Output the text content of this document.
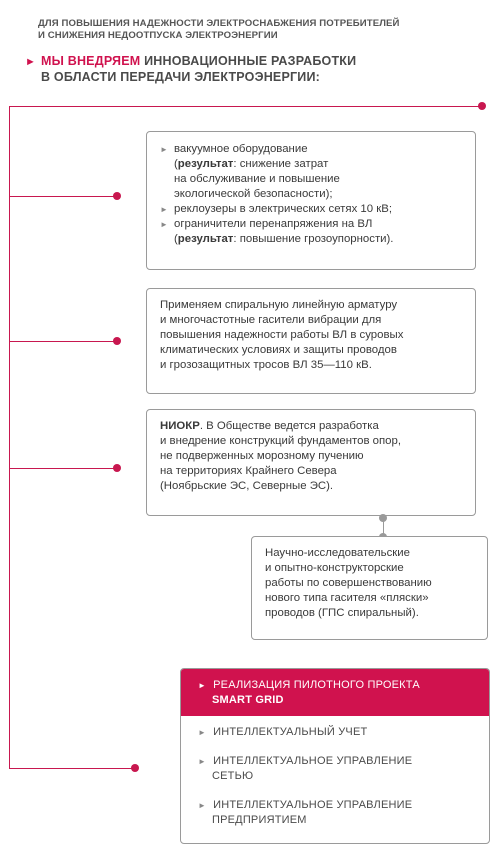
ДЛЯ ПОВЫШЕНИЯ НАДЕЖНОСТИ ЭЛЕКТРОСНАБЖЕНИЯ ПОТРЕБИТЕЛЕЙ
И СНИЖЕНИЯ НЕДООТПУСКА ЭЛЕКТРОЭНЕРГИИ
► МЫ ВНЕДРЯЕМ ИННОВАЦИОННЫЕ РАЗРАБОТКИ
В ОБЛАСТИ ПЕРЕДАЧИ ЭЛЕКТРОЭНЕРГИИ:
► вакуумное оборудование
(результат: снижение затрат
на обслуживание и повышение
экологической безопасности);
► реклоузеры в электрических сетях 10 кВ;
► ограничители перенапряжения на ВЛ
(результат: повышение грозоупорности).
Применяем спиральную линейную арматуру
и многочастотные гасители вибрации для
повышения надежности работы ВЛ в суровых
климатических условиях и защиты проводов
и грозозащитных тросов ВЛ 35—110 кВ.
НИОКР. В Обществе ведется разработка
и внедрение конструкций фундаментов опор,
не подверженных морозному пучению
на территориях Крайнего Севера
(Ноябрьские ЭС, Северные ЭС).
Научно-исследовательские
и опытно-конструкторские
работы по совершенствованию
нового типа гасителя «пляски»
проводов (ГПС спиральный).
► РЕАЛИЗАЦИЯ ПИЛОТНОГО ПРОЕКТА
SMART GRID
► ИНТЕЛЛЕКТУАЛЬНЫЙ УЧЕТ
► ИНТЕЛЛЕКТУАЛЬНОЕ УПРАВЛЕНИЕ
СЕТЬЮ
► ИНТЕЛЛЕКТУАЛЬНОЕ УПРАВЛЕНИЕ
ПРЕДПРИЯТИЕМ
